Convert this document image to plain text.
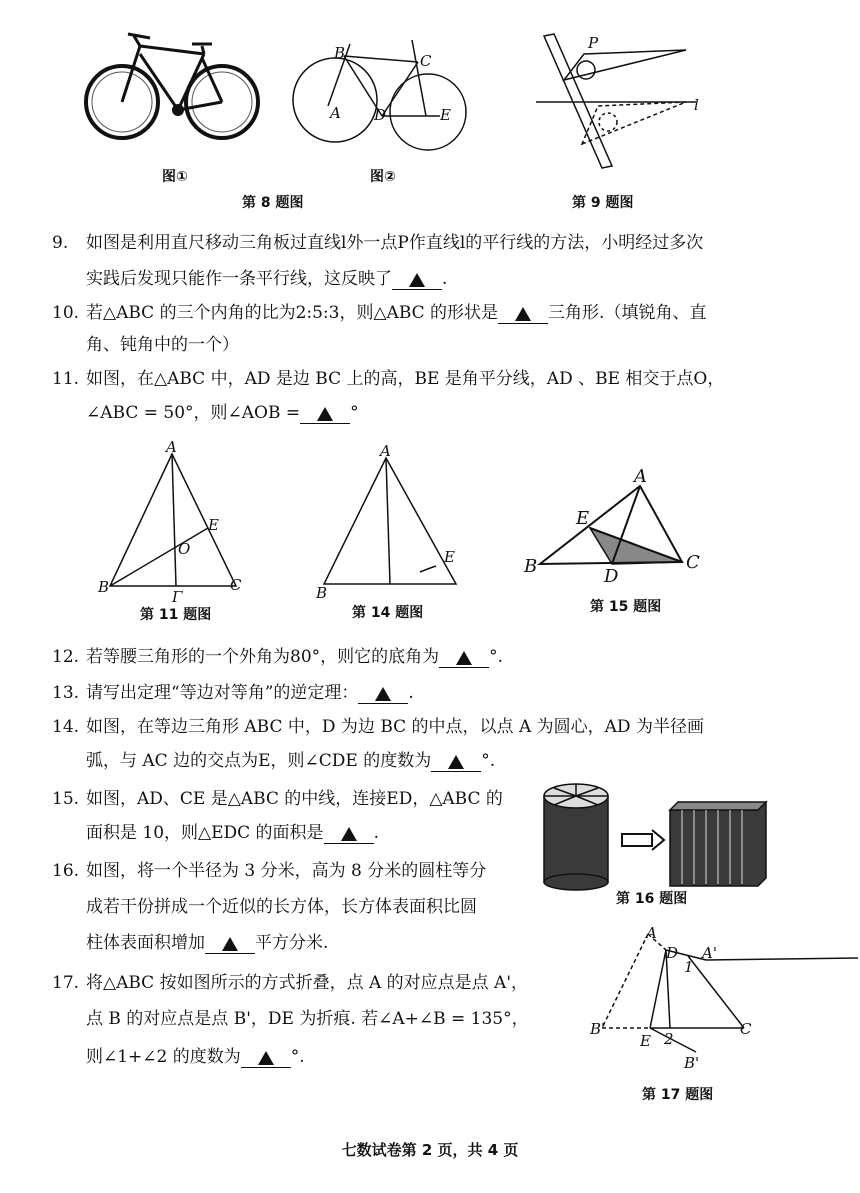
图①
B	C
A D	E
图②
第 8 题图
P
l
第 9 题图
9. 如图是利用直尺移动三角板过直线l外一点P作直线l的平行线的方法，小明经过多次
实践后发现只能作一条平行线，这反映了	.
10. 若△ABC 的三个内角的比为2:5:3，则△ABC 的形状是	三角形.（填锐角、直
角、钝角中的一个）
11. 如图，在△ABC 中，AD 是边 BC 上的高，BE 是角平分线，AD 、BE 相交于点O，
∠ABC = 50°，则∠AOB =	°
A
E
O
B	C
Γ
第 11 题图
A
E
B
第 14 题图
A
E
B	D
C
第 15 题图
12. 若等腰三角形的一个外角为80°，则它的底角为	°.
13. 请写出定理“等边对等角”的逆定理：	.
14. 如图，在等边三角形 ABC 中，D 为边 BC 的中点，以点 A 为圆心，AD 为半径画
弧，与 AC 边的交点为E，则∠CDE 的度数为	°.
15. 如图，AD、CE 是△ABC 的中线，连接ED，△ABC 的
面积是 10，则△EDC 的面积是	.
16. 如图，将一个半径为 3 分米，高为 8 分米的圆柱等分
成若干份拼成一个近似的长方体，长方体表面积比圆
柱体表面积增加	平方分米.
17. 将△ABC 按如图所示的方式折叠，点 A 的对应点是点 A'，
点 B 的对应点是点 B'，DE 为折痕. 若∠A+∠B = 135°，
则∠1+∠2 的度数为	°.
第 16 题图
A
D A'
1
B'
E 2
C
B'
第 17 题图
七数试卷第 2 页，共 4 页
